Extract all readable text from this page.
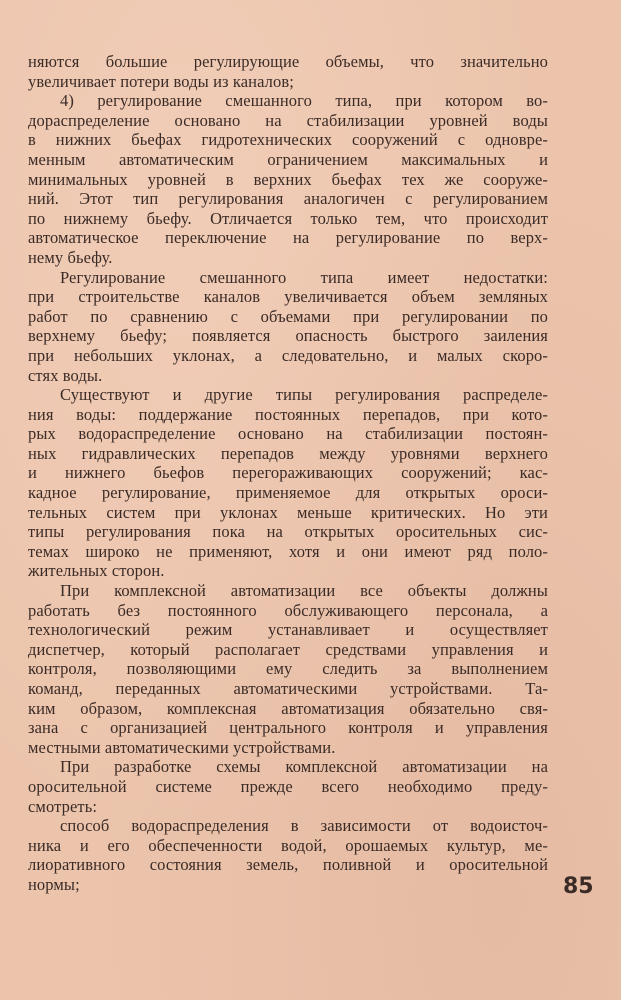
няются большие регулирующие объемы, что значительно
увеличивает потери воды из каналов;
4) регулирование смешанного типа, при котором во-
дораспределение основано на стабилизации уровней воды
в нижних бьефах гидротехнических сооружений с одновре-
менным автоматическим ограничением максимальных и
минимальных уровней в верхних бьефах тех же сооруже-
ний. Этот тип регулирования аналогичен с регулированием
по нижнему бьефу. Отличается только тем, что происходит
автоматическое переключение на регулирование по верх-
нему бьефу.
Регулирование смешанного типа имеет недостатки:
при строительстве каналов увеличивается объем земляных
работ по сравнению с объемами при регулировании по
верхнему бьефу; появляется опасность быстрого заиления
при небольших уклонах, а следовательно, и малых скоро-
стях воды.
Существуют и другие типы регулирования распределе-
ния воды: поддержание постоянных перепадов, при кото-
рых водораспределение основано на стабилизации постоян-
ных гидравлических перепадов между уровнями верхнего
и нижнего бьефов перегораживающих сооружений; кас-
кадное регулирование, применяемое для открытых ороси-
тельных систем при уклонах меньше критических. Но эти
типы регулирования пока на открытых оросительных сис-
темах широко не применяют, хотя и они имеют ряд поло-
жительных сторон.
При комплексной автоматизации все объекты должны
работать без постоянного обслуживающего персонала, а
технологический режим устанавливает и осуществляет
диспетчер, который располагает средствами управления и
контроля, позволяющими ему следить за выполнением
команд, переданных автоматическими устройствами. Та-
ким образом, комплексная автоматизация обязательно свя-
зана с организацией центрального контроля и управления
местными автоматическими устройствами.
При разработке схемы комплексной автоматизации на
оросительной системе прежде всего необходимо преду-
смотреть:
способ водораспределения в зависимости от водоисточ-
ника и его обеспеченности водой, орошаемых культур, ме-
лиоративного состояния земель, поливной и оросительной
нормы;	85
